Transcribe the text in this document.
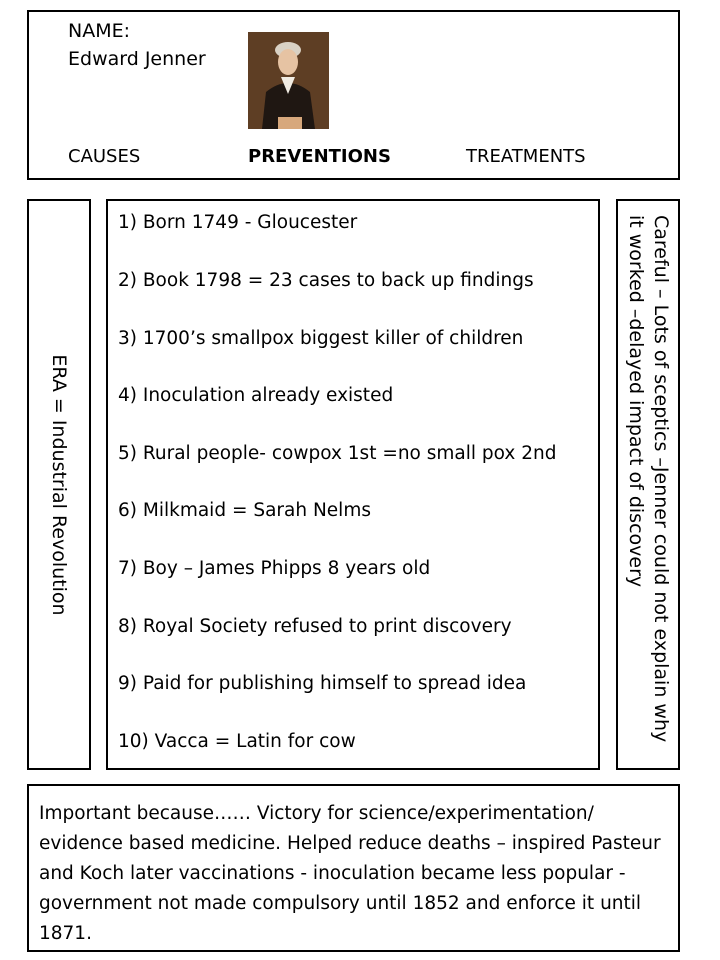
NAME:
Edward Jenner
CAUSES	PREVENTIONS	TREATMENTS
ERA = Industrial Revolution
1) Born 1749 - Gloucester
2) Book 1798 = 23 cases to back up findings
3) 1700’s smallpox biggest killer of children
4) Inoculation already existed
5) Rural people- cowpox 1st =no small pox 2nd
6) Milkmaid = Sarah Nelms
7) Boy – James Phipps 8 years old
8) Royal Society refused to print discovery
9) Paid for publishing himself to spread idea
10) Vacca = Latin for cow	Careful – Lots of sceptics –Jenner could not explain why it worked –delayed impact of discovery
Important because…… Victory for science/experimentation/ evidence based medicine. Helped reduce deaths – inspired Pasteur and Koch later vaccinations - inoculation became less popular - government not made compulsory until 1852 and enforce it until 1871.
